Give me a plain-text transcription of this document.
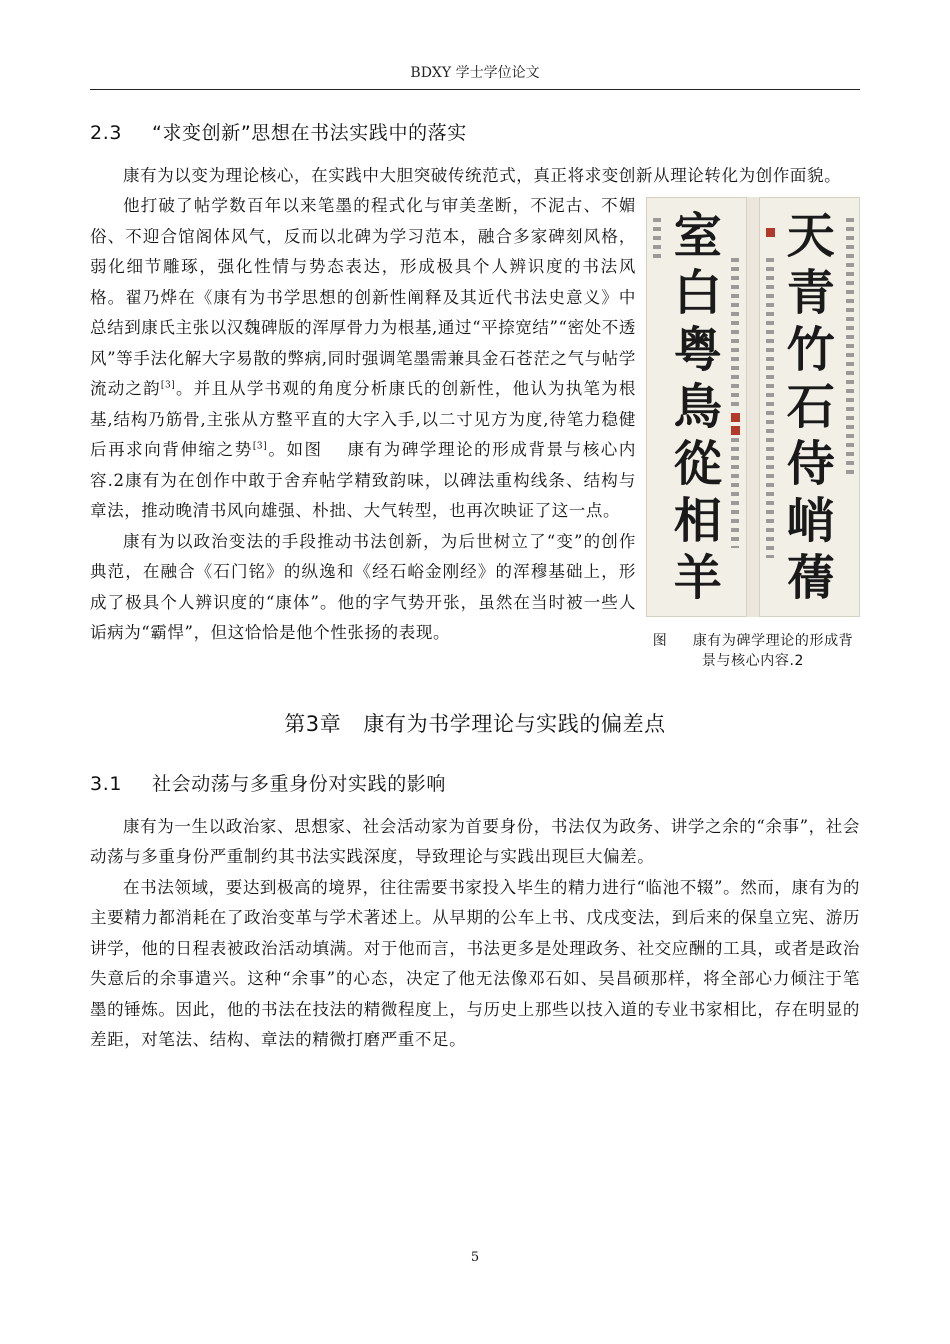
BDXY 学士学位论文
2.3 “求变创新”思想在书法实践中的落实

康有为以变为理论核心，在实践中大胆突破传统范式，真正将求变创新从理论转化为创作面貌。

室白粤鳥從相羊
天青竹石侍峭蒨
图 康有为碑学理论的形成背景与核心内容.2

他打破了帖学数百年以来笔墨的程式化与审美垄断，不泥古、不媚俗、不迎合馆阁体风气，反而以北碑为学习范本，融合多家碑刻风格，弱化细节雕琢，强化性情与势态表达，形成极具个人辨识度的书法风格。翟乃烨在《康有为书学思想的创新性阐释及其近代书法史意义》中总结到康氏主张以汉魏碑版的浑厚骨力为根基,通过“平捺宽结”“密处不透风”等手法化解大字易散的弊病,同时强调笔墨需兼具金石苍茫之气与帖学流动之韵[3]。并且从学书观的角度分析康氏的创新性，他认为执笔为根基,结构乃筋骨,主张从方整平直的大字入手,以二寸见方为度,待笔力稳健后再求向背伸缩之势[3]。如图　 康有为碑学理论的形成背景与核心内容.2康有为在创作中敢于舍弃帖学精致韵味，以碑法重构线条、结构与章法，推动晚清书风向雄强、朴拙、大气转型，也再次映证了这一点。

康有为以政治变法的手段推动书法创新，为后世树立了“变”的创作典范，在融合《石门铭》的纵逸和《经石峪金刚经》的浑穆基础上，形成了极具个人辨识度的“康体”。他的字气势开张，虽然在当时被一些人诟病为“霸悍”，但这恰恰是他个性张扬的表现。

第3章 康有为书学理论与实践的偏差点
3.1 社会动荡与多重身份对实践的影响

康有为一生以政治家、思想家、社会活动家为首要身份，书法仅为政务、讲学之余的“余事”，社会动荡与多重身份严重制约其书法实践深度，导致理论与实践出现巨大偏差。

在书法领域，要达到极高的境界，往往需要书家投入毕生的精力进行“临池不辍”。然而，康有为的主要精力都消耗在了政治变革与学术著述上。从早期的公车上书、戊戌变法，到后来的保皇立宪、游历讲学，他的日程表被政治活动填满。对于他而言，书法更多是处理政务、社交应酬的工具，或者是政治失意后的余事遣兴。这种“余事”的心态，决定了他无法像邓石如、吴昌硕那样，将全部心力倾注于笔墨的锤炼。因此，他的书法在技法的精微程度上，与历史上那些以技入道的专业书家相比，存在明显的差距，对笔法、结构、章法的精微打磨严重不足。

5
